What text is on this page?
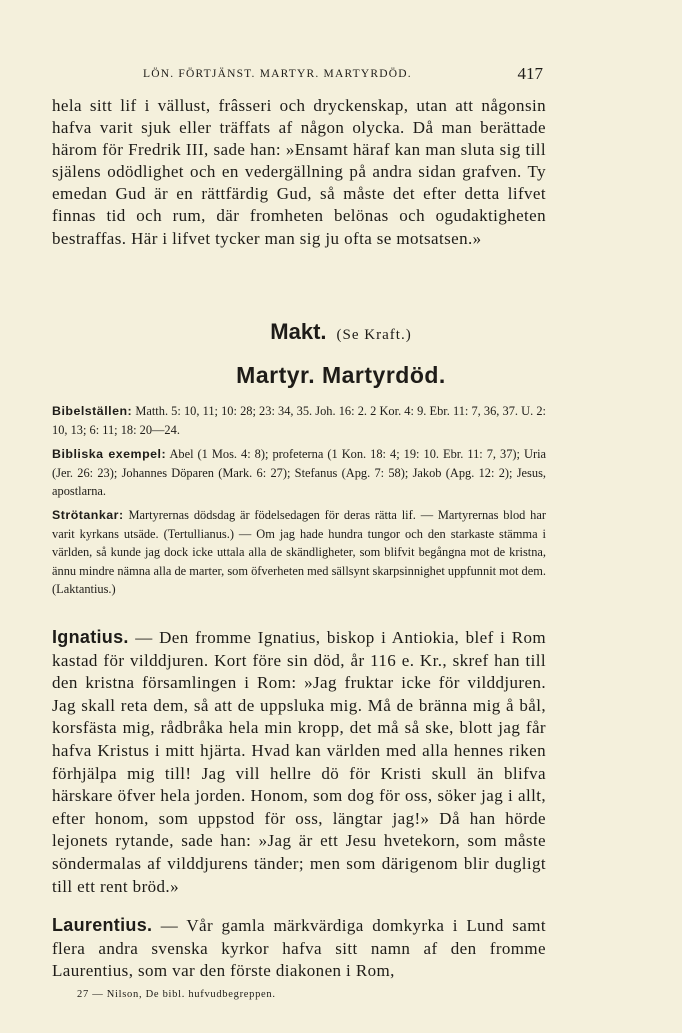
LÖN. FÖRTJÄNST. MARTYR. MARTYRDÖD.	417

hela sitt lif i vällust, frâsseri och dryckenskap, utan att någonsin hafva varit sjuk eller träffats af någon olycka. Då man berättade härom för Fredrik III, sade han: »Ensamt häraf kan man sluta sig till själens odödlighet och en vedergällning på andra sidan grafven. Ty emedan Gud är en rättfärdig Gud, så måste det efter detta lifvet finnas tid och rum, där fromheten belönas och ogudaktigheten bestraffas. Här i lifvet tycker man sig ju ofta se motsatsen.»

Makt. (Se Kraft.)
Martyr. Martyrdöd.

Bibelställen: Matth. 5: 10, 11; 10: 28; 23: 34, 35. Joh. 16: 2. 2 Kor. 4: 9. Ebr. 11: 7, 36, 37. U. 2: 10, 13; 6: 11; 18: 20—24.

Bibliska exempel: Abel (1 Mos. 4: 8); profeterna (1 Kon. 18: 4; 19: 10. Ebr. 11: 7, 37); Uria (Jer. 26: 23); Johannes Döparen (Mark. 6: 27); Stefanus (Apg. 7: 58); Jakob (Apg. 12: 2); Jesus, apostlarna.

Strötankar: Martyrernas dödsdag är födelsedagen för deras rätta lif. — Martyrernas blod har varit kyrkans utsäde. (Tertullianus.) — Om jag hade hundra tungor och den starkaste stämma i världen, så kunde jag dock icke uttala alla de skändligheter, som blifvit begångna mot de kristna, ännu mindre nämna alla de marter, som öfverheten med sällsynt skarpsinnighet uppfunnit mot dem. (Laktantius.)

Ignatius. — Den fromme Ignatius, biskop i Antiokia, blef i Rom kastad för vilddjuren. Kort före sin död, år 116 e. Kr., skref han till den kristna församlingen i Rom: »Jag fruktar icke för vilddjuren. Jag skall reta dem, så att de uppsluka mig. Må de bränna mig å bål, korsfästa mig, rådbråka hela min kropp, det må så ske, blott jag får hafva Kristus i mitt hjärta. Hvad kan världen med alla hennes riken förhjälpa mig till! Jag vill hellre dö för Kristi skull än blifva härskare öfver hela jorden. Honom, som dog för oss, söker jag i allt, efter honom, som uppstod för oss, längtar jag!» Då han hörde lejonets rytande, sade han: »Jag är ett Jesu hvetekorn, som måste söndermalas af vilddjurens tänder; men som därigenom blir dugligt till ett rent bröd.»

Laurentius. — Vår gamla märkvärdiga domkyrka i Lund samt flera andra svenska kyrkor hafva sitt namn af den fromme Laurentius, som var den förste diakonen i Rom,

27 — Nilson, De bibl. hufvudbegreppen.
